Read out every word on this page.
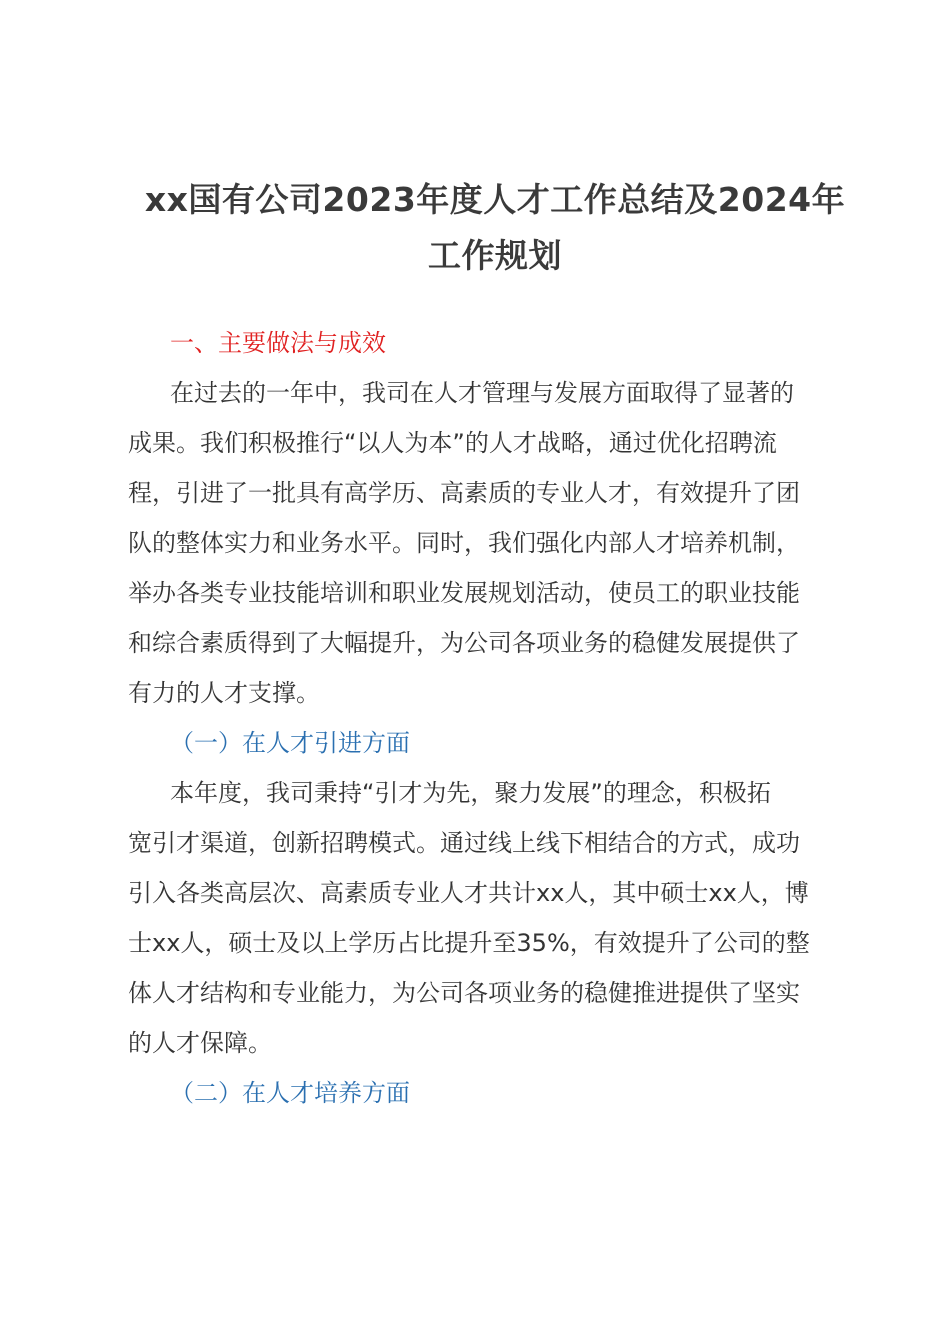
xx国有公司2023年度人才工作总结及2024年
工作规划

一、主要做法与成效

在过去的一年中，我司在人才管理与发展方面取得了显著的
成果。我们积极推行“以人为本”的人才战略，通过优化招聘流
程，引进了一批具有高学历、高素质的专业人才，有效提升了团
队的整体实力和业务水平。同时，我们强化内部人才培养机制，
举办各类专业技能培训和职业发展规划活动，使员工的职业技能
和综合素质得到了大幅提升，为公司各项业务的稳健发展提供了
有力的人才支撑。

（一）在人才引进方面

本年度，我司秉持“引才为先，聚力发展”的理念，积极拓
宽引才渠道，创新招聘模式。通过线上线下相结合的方式，成功
引入各类高层次、高素质专业人才共计xx人，其中硕士xx人，博
士xx人，硕士及以上学历占比提升至35%，有效提升了公司的整
体人才结构和专业能力，为公司各项业务的稳健推进提供了坚实
的人才保障。

（二）在人才培养方面
